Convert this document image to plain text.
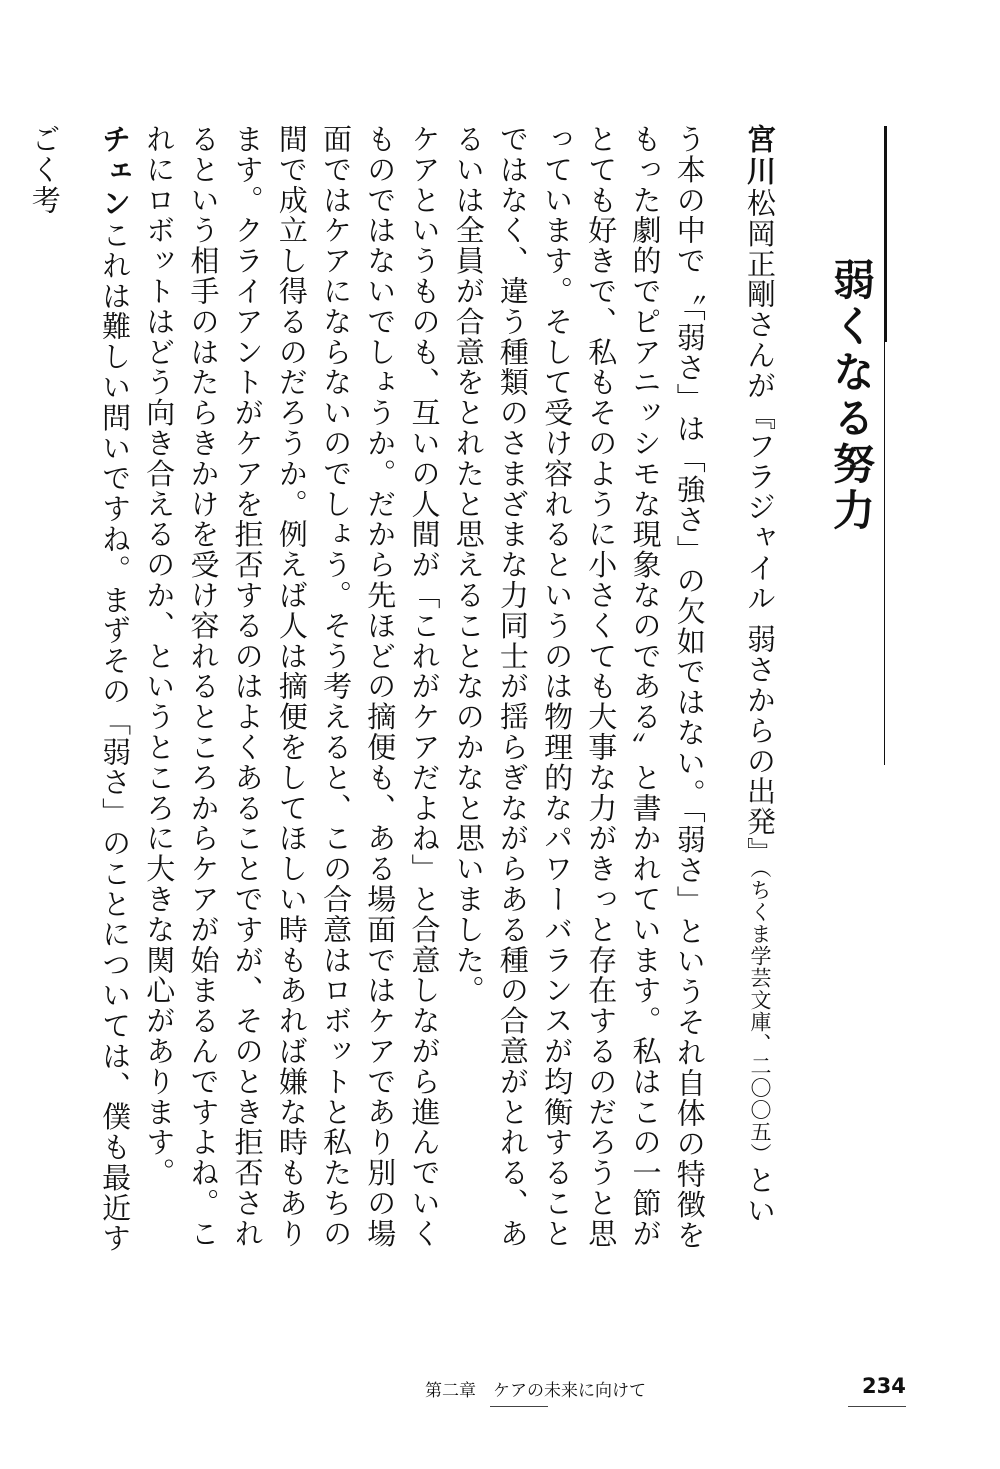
弱くなる努力

宮川松岡正剛さんが『フラジャイル 弱さからの出発』（ちくま学芸文庫、二〇〇五）という本の中で〝「弱さ」は「強さ」の欠如ではない。「弱さ」というそれ自体の特徴をもった劇的でピアニッシモな現象なのである〟と書かれています。私はこの一節がとても好きで、私もそのように小さくても大事な力がきっと存在するのだろうと思っています。そして受け容れるというのは物理的なパワーバランスが均衡することではなく、違う種類のさまざまな力同士が揺らぎながらある種の合意がとれる、あるいは全員が合意をとれたと思えることなのかなと思いました。

ケアというものも、互いの人間が「これがケアだよね」と合意しながら進んでいくものではないでしょうか。だから先ほどの摘便も、ある場面ではケアであり別の場面ではケアにならないのでしょう。そう考えると、この合意はロボットと私たちの間で成立し得るのだろうか。例えば人は摘便をしてほしい時もあれば嫌な時もあります。クライアントがケアを拒否するのはよくあることですが、そのとき拒否されるという相手のはたらきかけを受け容れるところからケアが始まるんですよね。これにロボットはどう向き合えるのか、というところに大きな関心があります。

チェンこれは難しい問いですね。まずその「弱さ」のことについては、僕も最近すごく考

第二章　ケアの未来に向けて	234
